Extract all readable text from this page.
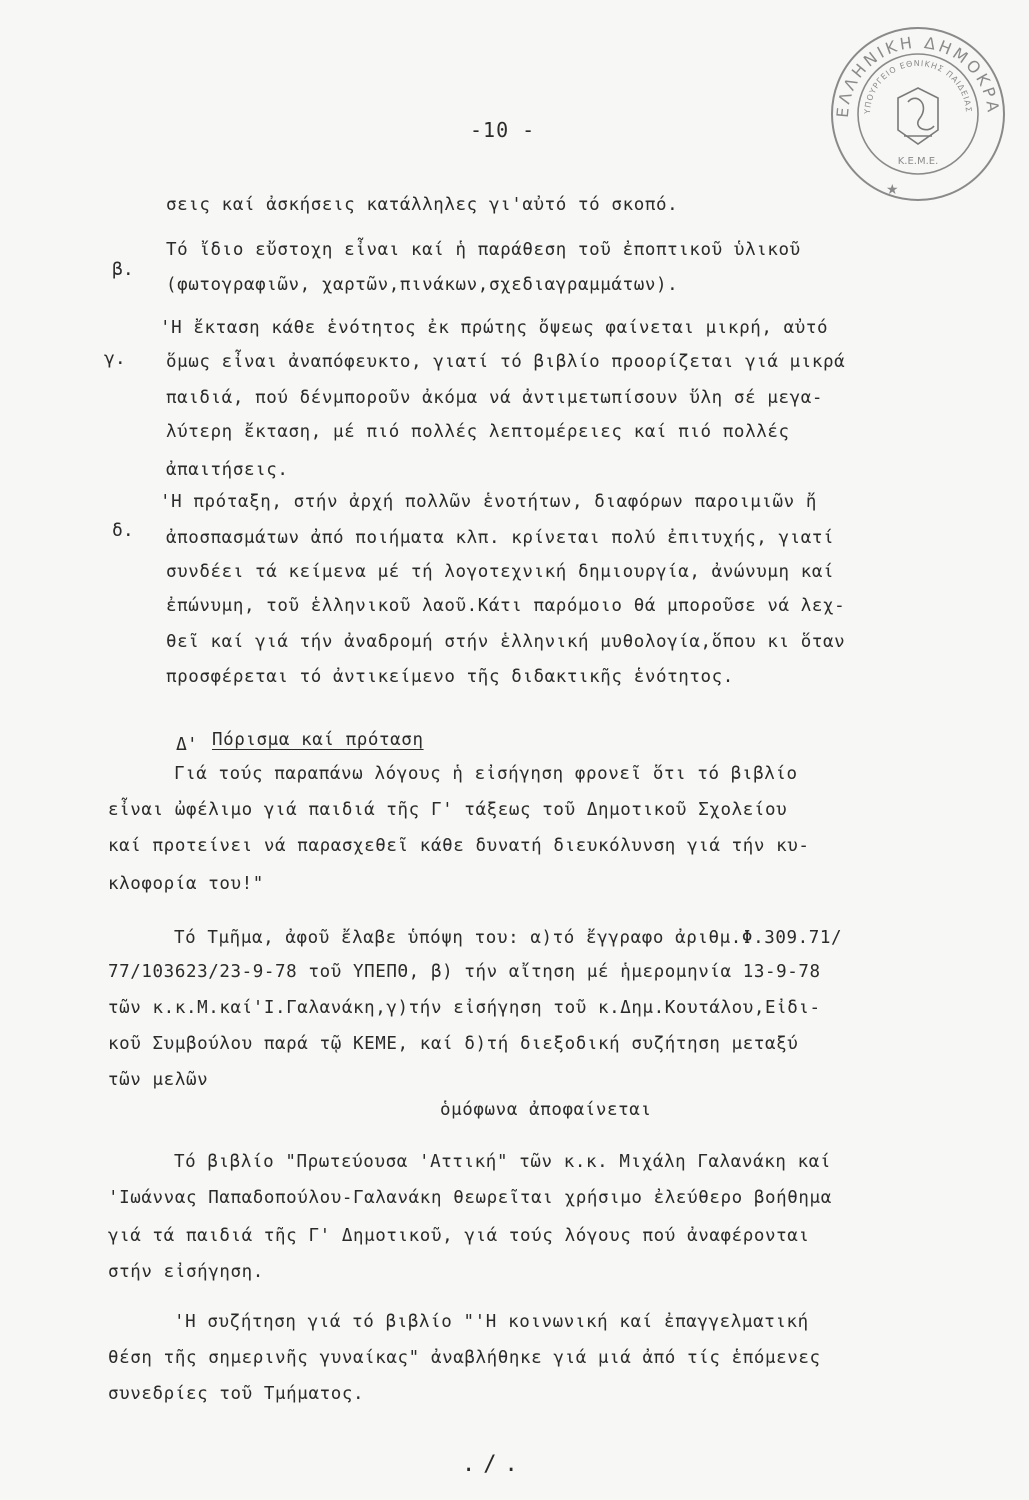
ΕΛΛΗΝΙΚΗ ΔΗΜΟΚΡΑ
ΥΠΟΥΡΓΕΙΟ ΕΘΝΙΚΗΣ ΠΑΙΔΕΙΑΣ
Κ.Ε.Μ.Ε.
★
-10 -
σεις καί ἀσκήσεις κατάλληλες γι'αὐτό τό σκοπό.
β.
Τό ἴδιο εὔστοχη εἶναι καί ἡ παράθεση τοῦ ἐποπτικοῦ ὑλικοῦ
(φωτογραφιῶν, χαρτῶν,πινάκων,σχεδιαγραμμάτων).
γ.
'Η ἔκταση κάθε ἑνότητος ἐκ πρώτης ὄψεως φαίνεται μικρή, αὐτό
ὅμως εἶναι ἀναπόφευκτο, γιατί τό βιβλίο προορίζεται γιά μικρά
παιδιά, πού δένμποροῦν ἀκόμα νά ἀντιμετωπίσουν ὕλη σέ μεγα-
λύτερη ἔκταση, μέ πιό πολλές λεπτομέρειες καί πιό πολλές
ἀπαιτήσεις.
δ.
'Η πρόταξη, στήν ἀρχή πολλῶν ἑνοτήτων, διαφόρων παροιμιῶν ἤ
ἀποσπασμάτων ἀπό ποιήματα κλπ. κρίνεται πολύ ἐπιτυχής, γιατί
συνδέει τά κείμενα μέ τή λογοτεχνική δημιουργία, ἀνώνυμη καί
ἐπώνυμη, τοῦ ἑλληνικοῦ λαοῦ.Κάτι παρόμοιο θά μποροῦσε νά λεχ-
θεῖ καί γιά τήν ἀναδρομή στήν ἑλληνική μυθολογία,ὅπου κι ὅταν
προσφέρεται τό ἀντικείμενο τῆς διδακτικῆς ἑνότητος.
Δ' Πόρισμα καί πρόταση
Γιά τούς παραπάνω λόγους ἡ εἰσήγηση φρονεῖ ὅτι τό βιβλίο
εἶναι ὠφέλιμο γιά παιδιά τῆς Γ' τάξεως τοῦ Δημοτικοῦ Σχολείου
καί προτείνει νά παρασχεθεῖ κάθε δυνατή διευκόλυνση γιά τήν κυ-
κλοφορία του!"
Τό Τμῆμα, ἀφοῦ ἔλαβε ὑπόψη του: α)τό ἔγγραφο ἀριθμ.Φ.309.71/
77/103623/23-9-78 τοῦ ΥΠΕΠΘ, β) τήν αἴτηση μέ ἡμερομηνία 13-9-78
τῶν κ.κ.Μ.καί'Ι.Γαλανάκη,γ)τήν εἰσήγηση τοῦ κ.Δημ.Κουτάλου,Εἰδι-
κοῦ Συμβούλου παρά τῷ ΚΕΜΕ, καί δ)τή διεξοδική συζήτηση μεταξύ
τῶν μελῶν
ὁμόφωνα ἀποφαίνεται
Τό βιβλίο "Πρωτεύουσα 'Αττική" τῶν κ.κ. Μιχάλη Γαλανάκη καί
'Ιωάννας Παπαδοπούλου-Γαλανάκη θεωρεῖται χρήσιμο ἐλεύθερο βοήθημα
γιά τά παιδιά τῆς Γ' Δημοτικοῦ, γιά τούς λόγους πού ἀναφέρονται
στήν εἰσήγηση.
'Η συζήτηση γιά τό βιβλίο "'Η κοινωνική καί ἐπαγγελματική
θέση τῆς σημερινῆς γυναίκας" ἀναβλήθηκε γιά μιά ἀπό τίς ἑπόμενες
συνεδρίες τοῦ Τμήματος.
./.
